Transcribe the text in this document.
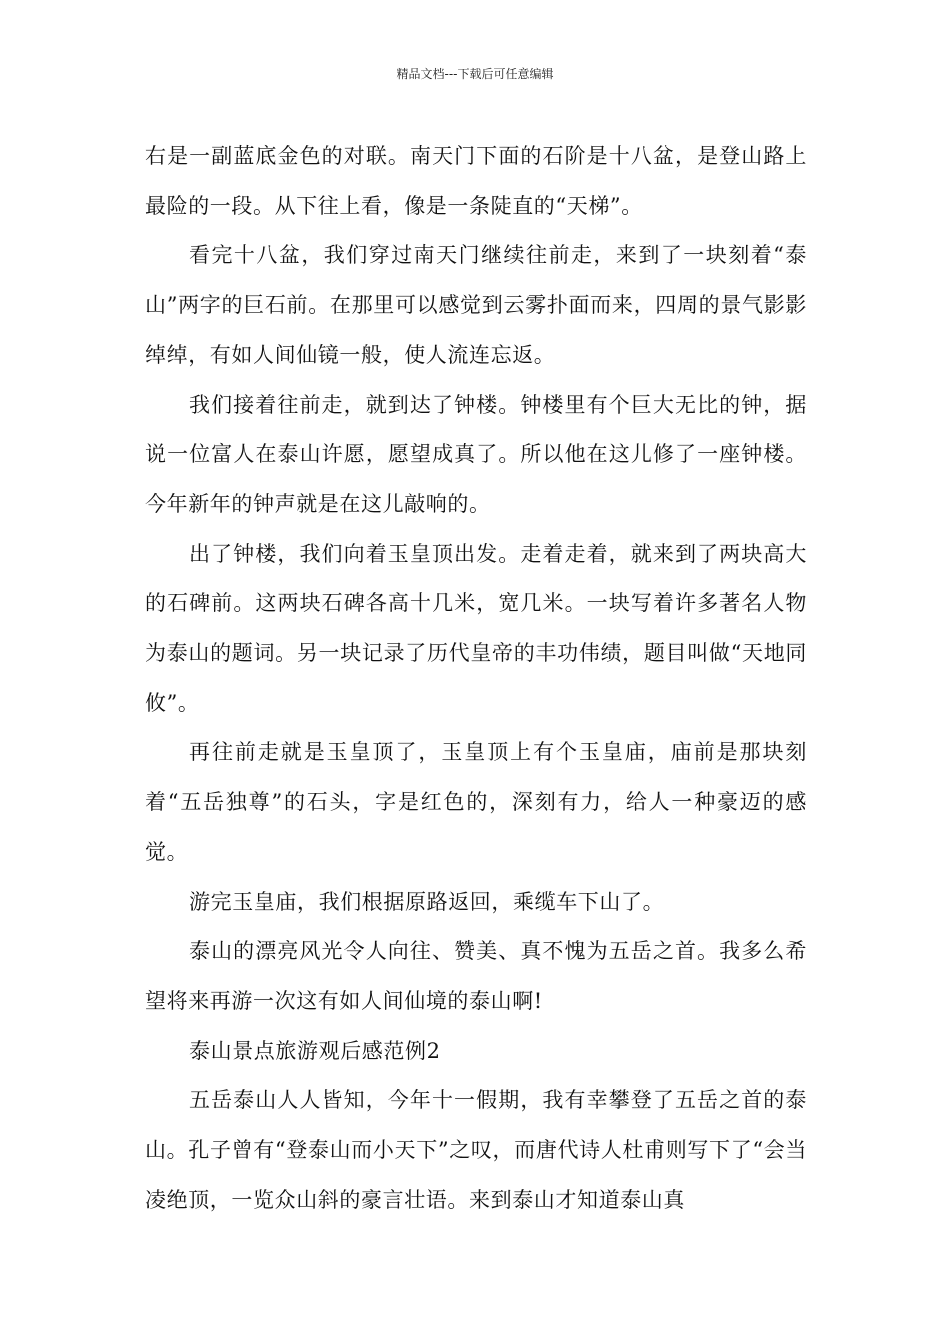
精品文档---下载后可任意编辑

右是一副蓝底金色的对联。南天门下面的石阶是十八盆，是登山路上最险的一段。从下往上看，像是一条陡直的“天梯”。

看完十八盆，我们穿过南天门继续往前走，来到了一块刻着“泰山”两字的巨石前。在那里可以感觉到云雾扑面而来，四周的景气影影绰绰，有如人间仙镜一般，使人流连忘返。

我们接着往前走，就到达了钟楼。钟楼里有个巨大无比的钟，据说一位富人在泰山许愿，愿望成真了。所以他在这儿修了一座钟楼。今年新年的钟声就是在这儿敲响的。

出了钟楼，我们向着玉皇顶出发。走着走着，就来到了两块高大的石碑前。这两块石碑各高十几米，宽几米。一块写着许多著名人物为泰山的题词。另一块记录了历代皇帝的丰功伟绩，题目叫做“天地同攸”。

再往前走就是玉皇顶了，玉皇顶上有个玉皇庙，庙前是那块刻着“五岳独尊”的石头，字是红色的，深刻有力，给人一种豪迈的感觉。

游完玉皇庙，我们根据原路返回，乘缆车下山了。

泰山的漂亮风光令人向往、赞美、真不愧为五岳之首。我多么希望将来再游一次这有如人间仙境的泰山啊!

泰山景点旅游观后感范例2

五岳泰山人人皆知，今年十一假期，我有幸攀登了五岳之首的泰山。孔子曾有“登泰山而小天下”之叹，而唐代诗人杜甫则写下了“会当凌绝顶，一览众山斜的豪言壮语。来到泰山才知道泰山真
